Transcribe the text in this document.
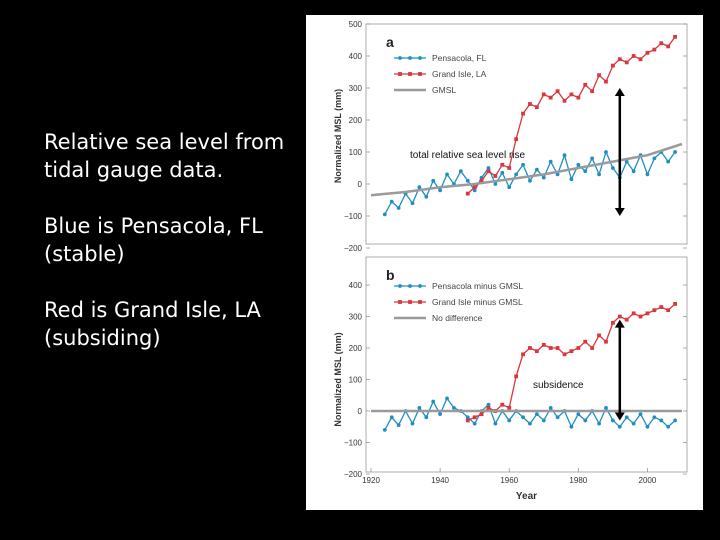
Relative sea level from tidal gauge data.

Blue is Pensacola, FL (stable)

Red is Grand Isle, LA (subsiding)

500
400
300
200
100
0
−100
−200
Normalized MSL (mm)
a
Pensacola, FL
Grand Isle, LA
GMSL
total relative sea level rise
400
300
200
100
0
−100
−200
Normalized MSL (mm)
b
Pensacola minus GMSL
Grand Isle minus GMSL
No difference
subsidence
1920	1940	1960	1980	2000
Year
